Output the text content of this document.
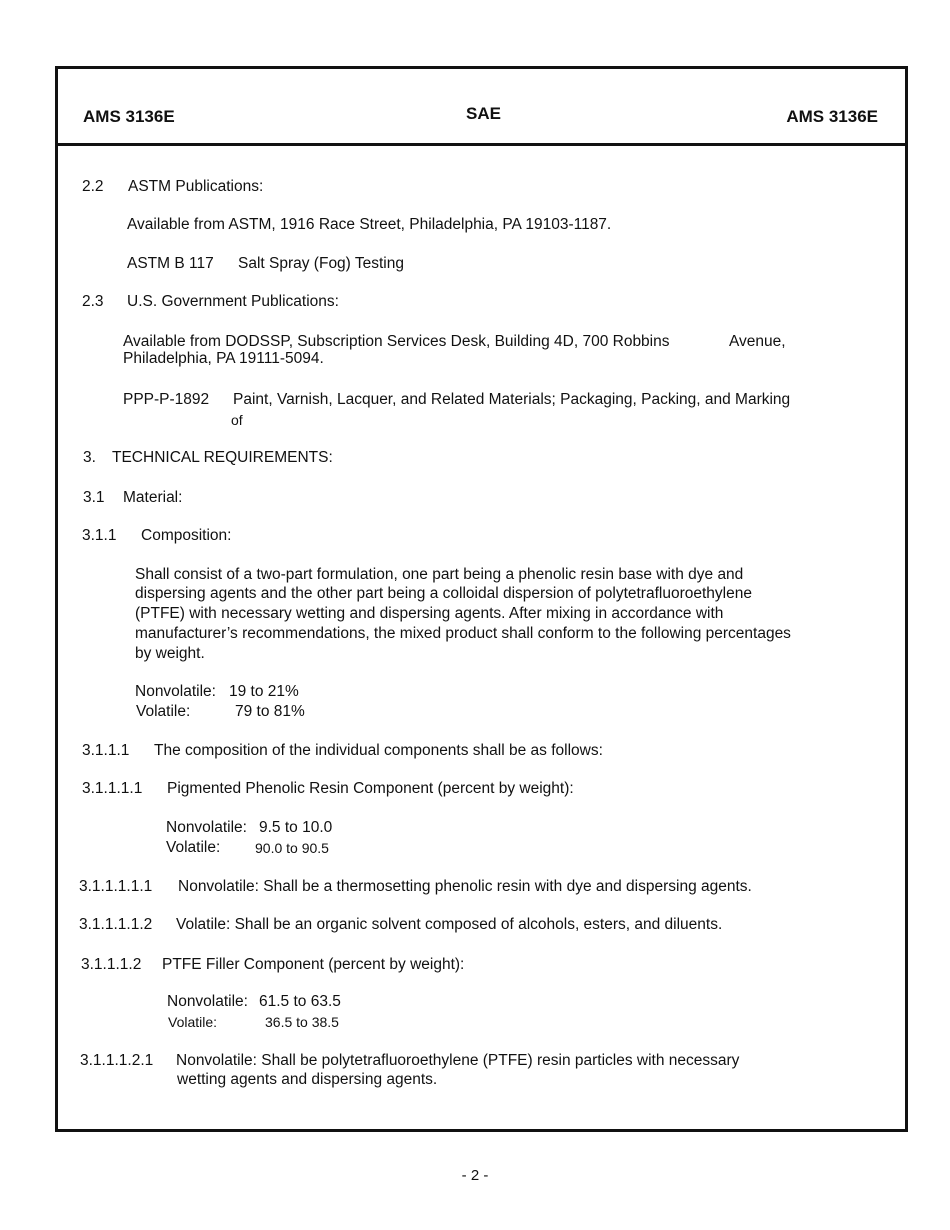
AMS 3136E	SAE	AMS 3136E
2.2 ASTM Publications:
Available from ASTM, 1916 Race Street, Philadelphia, PA 19103-1187.
ASTM B 117 Salt Spray (Fog) Testing
2.3 U.S. Government Publications:
Available from DODSSP, Subscription Services Desk, Building 4D, 700 Robbins	Avenue,
Philadelphia, PA 19111-5094.
PPP-P-1892 Paint, Varnish, Lacquer, and Related Materials; Packaging, Packing, and Marking
of
3. TECHNICAL REQUIREMENTS:
3.1 Material:
3.1.1 Composition:
Shall consist of a two-part formulation, one part being a phenolic resin base with dye and
dispersing agents and the other part being a colloidal dispersion of polytetrafluoroethylene
(PTFE) with necessary wetting and dispersing agents. After mixing in accordance with
manufacturer’s recommendations, the mixed product shall conform to the following percentages
by weight.
Nonvolatile: 19 to 21%
Volatile:	79 to 81%
3.1.1.1 The composition of the individual components shall be as follows:
3.1.1.1.1 Pigmented Phenolic Resin Component (percent by weight):
Nonvolatile: 9.5 to 10.0
Volatile: 90.0 to 90.5
3.1.1.1.1.1 Nonvolatile: Shall be a thermosetting phenolic resin with dye and dispersing agents.
3.1.1.1.1.2 Volatile: Shall be an organic solvent composed of alcohols, esters, and diluents.
3.1.1.1.2 PTFE Filler Component (percent by weight):
Nonvolatile: 61.5 to 63.5
Volatile:	36.5 to 38.5
3.1.1.1.2.1 Nonvolatile: Shall be polytetrafluoroethylene (PTFE) resin particles with necessary
wetting agents and dispersing agents.
- 2 -
